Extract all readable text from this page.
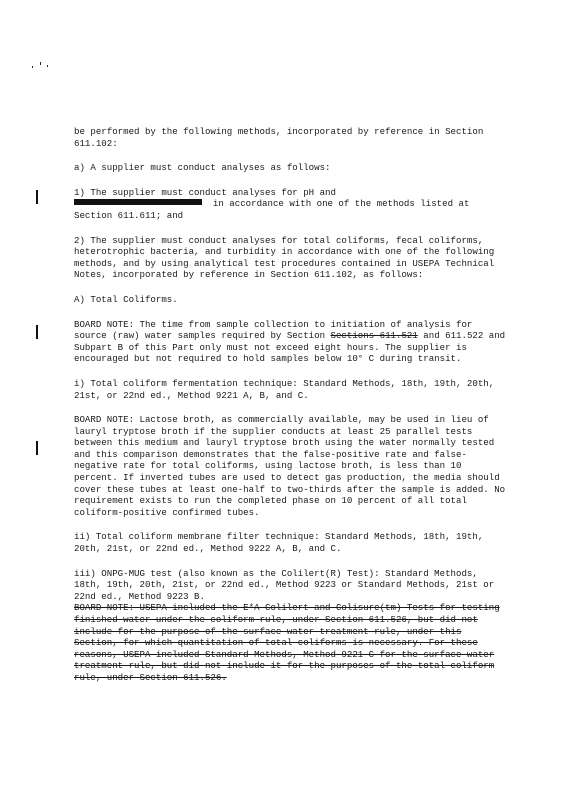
be performed by the following methods, incorporated by reference in Section 611.102:

a) A supplier must conduct analyses as follows:

1) The supplier must conduct analyses for pH and

in accordance with one of the methods listed at

Section 611.611; and

2) The supplier must conduct analyses for total coliforms, fecal coliforms, heterotrophic bacteria, and turbidity in accordance with one of the following methods, and by using analytical test procedures contained in USEPA Technical Notes, incorporated by reference in Section 611.102, as follows:

A) Total Coliforms.

BOARD NOTE: The time from sample collection to initiation of analysis for source (raw) water samples required by Section Sections 611.521 and 611.522 and Subpart B of this Part only must not exceed eight hours. The supplier is encouraged but not required to hold samples below 10° C during transit.

i) Total coliform fermentation technique: Standard Methods, 18th, 19th, 20th, 21st, or 22nd ed., Method 9221 A, B, and C.

BOARD NOTE: Lactose broth, as commercially available, may be used in lieu of lauryl tryptose broth if the supplier conducts at least 25 parallel tests between this medium and lauryl tryptose broth using the water normally tested and this comparison demonstrates that the false-positive rate and false-negative rate for total coliforms, using lactose broth, is less than 10 percent. If inverted tubes are used to detect gas production, the media should cover these tubes at least one-half to two-thirds after the sample is added. No requirement exists to run the completed phase on 10 percent of all total coliform-positive confirmed tubes.

ii) Total coliform membrane filter technique: Standard Methods, 18th, 19th, 20th, 21st, or 22nd ed., Method 9222 A, B, and C.

iii) ONPG-MUG test (also known as the Colilert(R) Test): Standard Methods, 18th, 19th, 20th, 21st, or 22nd ed., Method 9223 or Standard Methods, 21st or 22nd ed., Method 9223 B.

BOARD NOTE: USEPA included the E*A Colilert and Colisure(tm) Tests for testing finished water under the coliform rule, under Section 611.526, but did not include for the purpose of the surface water treatment rule, under this Section, for which quantitation of total coliforms is necessary. For these reasons, USEPA included Standard Methods, Method 9221 C for the surface water treatment rule, but did not include it for the purposes of the total coliform rule, under Section 611.526.
